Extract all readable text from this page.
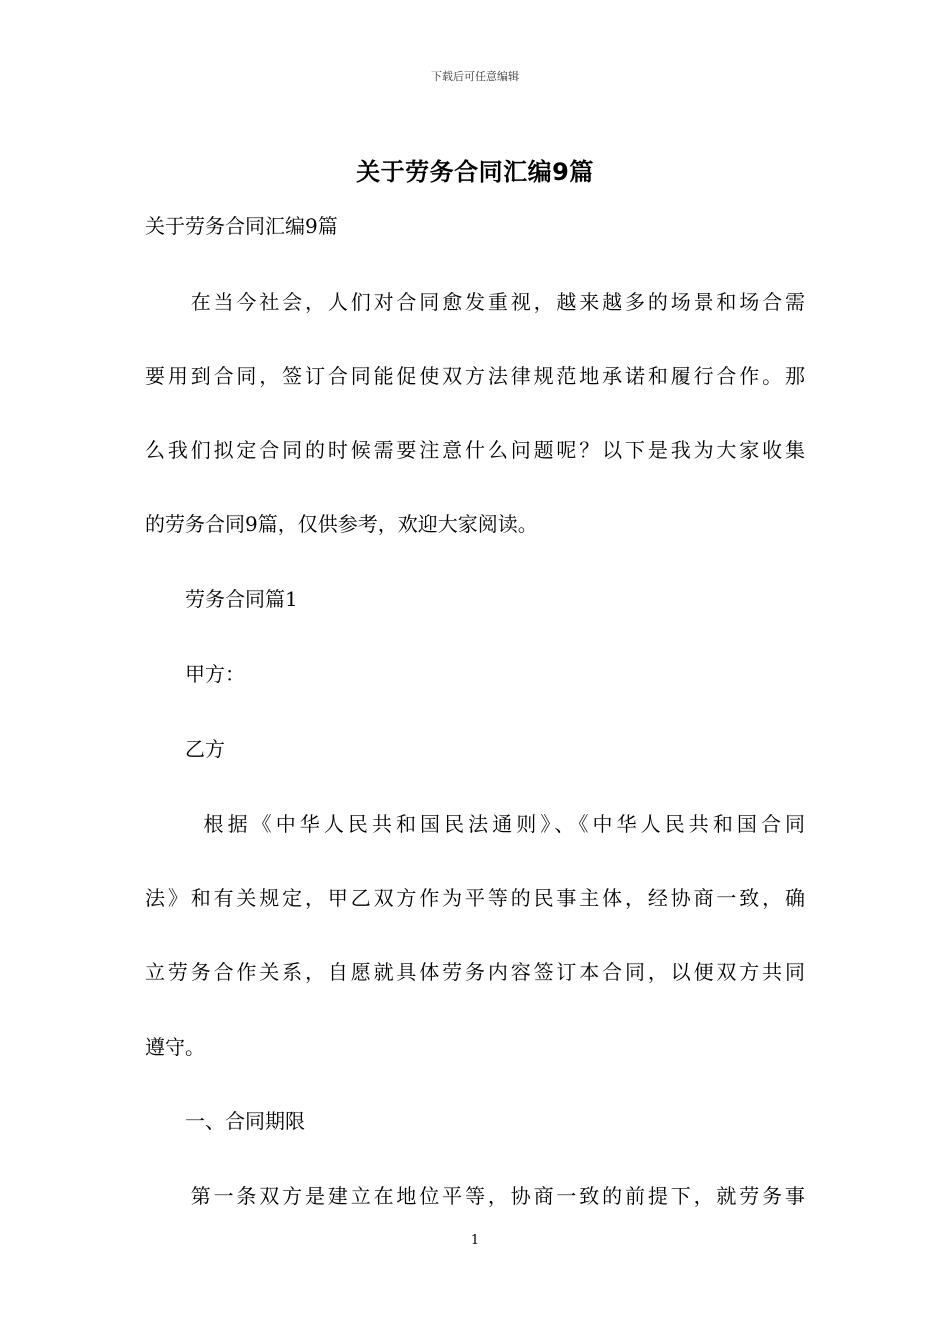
下载后可任意编辑
关于劳务合同汇编9篇
关于劳务合同汇编9篇
　　在当今社会，人们对合同愈发重视，越来越多的场景和场合需
要用到合同，签订合同能促使双方法律规范地承诺和履行合作。那
么我们拟定合同的时候需要注意什么问题呢？以下是我为大家收集
的劳务合同9篇，仅供参考，欢迎大家阅读。
　　劳务合同篇1
　　甲方：
　　乙方
　　 根据《中华人民共和国民法通则》、《中华人民共和国合同
法》和有关规定，甲乙双方作为平等的民事主体，经协商一致，确
立劳务合作关系，自愿就具体劳务内容签订本合同，以便双方共同
遵守。
　　一、合同期限
　　第一条双方是建立在地位平等，协商一致的前提下，就劳务事
1
